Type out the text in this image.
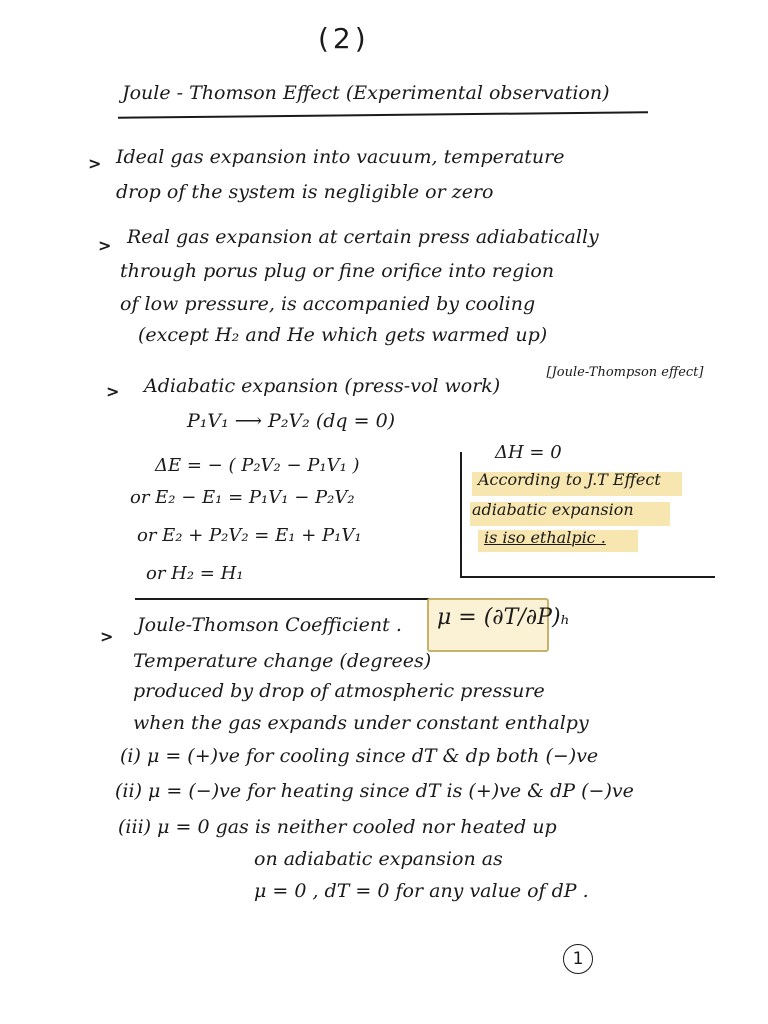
(2)
Joule - Thomson Effect (Experimental observation)
> Ideal gas expansion into vacuum, temperature
drop of the system is negligible or zero
> Real gas expansion at certain press adiabatically
through porus plug or fine orifice into region
of low pressure, is accompanied by cooling
(except H₂ and He which gets warmed up)
> Adiabatic expansion (press-vol work)
[Joule-Thompson effect]
P₁V₁ ⟶ P₂V₂ (dq = 0)
ΔE = − ( P₂V₂ − P₁V₁ )
or E₂ − E₁ = P₁V₁ − P₂V₂
or E₂ + P₂V₂ = E₁ + P₁V₁
or H₂ = H₁
ΔH = 0
According to J.T Effect
adiabatic expansion
is iso ethalpic .
>
Joule-Thomson Coefficient . μ = (∂T/∂P)ₕ
Temperature change (degrees)
produced by drop of atmospheric pressure
when the gas expands under constant enthalpy
(i) μ = (+)ve for cooling since dT & dp both (−)ve
(ii) μ = (−)ve for heating since dT is (+)ve & dP (−)ve
(iii) μ = 0 gas is neither cooled nor heated up
on adiabatic expansion as
μ = 0 , dT = 0 for any value of dP .
1
